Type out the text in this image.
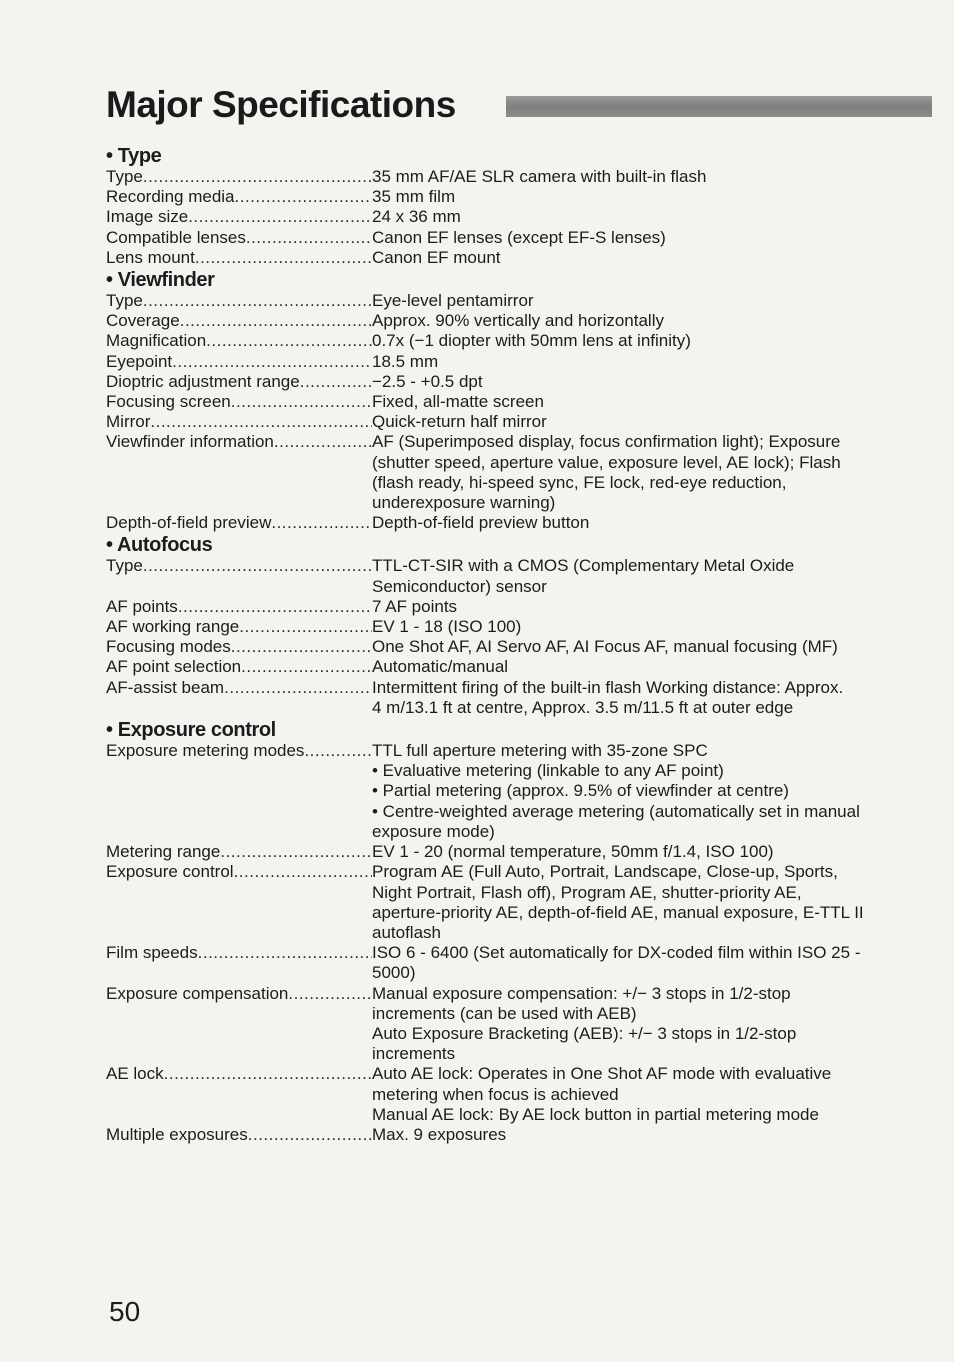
Major Specifications
• Type
Type .....	35 mm AF/AE SLR camera with built-in flash
Recording media .....	35 mm film
Image size .....	24 x 36 mm
Compatible lenses .....	Canon EF lenses (except EF-S lenses)
Lens mount .....	Canon EF mount
• Viewfinder
Type .....	Eye-level pentamirror
Coverage .....	Approx. 90% vertically and horizontally
Magnification .....	0.7x (−1 diopter with 50mm lens at infinity)
Eyepoint .....	18.5 mm
Dioptric adjustment range .....	−2.5 - +0.5 dpt
Focusing screen .....	Fixed, all-matte screen
Mirror .....	Quick-return half mirror
Viewfinder information .....	AF (Superimposed display, focus confirmation light); Exposure
(shutter speed, aperture value, exposure level, AE lock); Flash
(flash ready, hi-speed sync, FE lock, red-eye reduction,
underexposure warning)
Depth-of-field preview .....	Depth-of-field preview button
• Autofocus
Type .....	TTL-CT-SIR with a CMOS (Complementary Metal Oxide
Semiconductor) sensor
AF points .....	7 AF points
AF working range .....	EV 1 - 18 (ISO 100)
Focusing modes .....	One Shot AF, AI Servo AF, AI Focus AF, manual focusing (MF)
AF point selection .....	Automatic/manual
AF-assist beam .....	Intermittent firing of the built-in flash Working distance: Approx.
4 m/13.1 ft at centre, Approx. 3.5 m/11.5 ft at outer edge
• Exposure control
Exposure metering modes .....	TTL full aperture metering with 35-zone SPC
• Evaluative metering (linkable to any AF point)
• Partial metering (approx. 9.5% of viewfinder at centre)
• Centre-weighted average metering (automatically set in manual
exposure mode)
Metering range .....	EV 1 - 20 (normal temperature, 50mm f/1.4, ISO 100)
Exposure control .....	Program AE (Full Auto, Portrait, Landscape, Close-up, Sports,
Night Portrait, Flash off), Program AE, shutter-priority AE,
aperture-priority AE, depth-of-field AE, manual exposure, E-TTL II
autoflash
Film speeds .....	ISO 6 - 6400 (Set automatically for DX-coded film within ISO 25 -
5000)
Exposure compensation .....	Manual exposure compensation: +/− 3 stops in 1/2-stop
increments (can be used with AEB)
Auto Exposure Bracketing (AEB): +/− 3 stops in 1/2-stop
increments
AE lock .....	Auto AE lock: Operates in One Shot AF mode with evaluative
metering when focus is achieved
Manual AE lock: By AE lock button in partial metering mode
Multiple exposures .....	Max. 9 exposures
50
